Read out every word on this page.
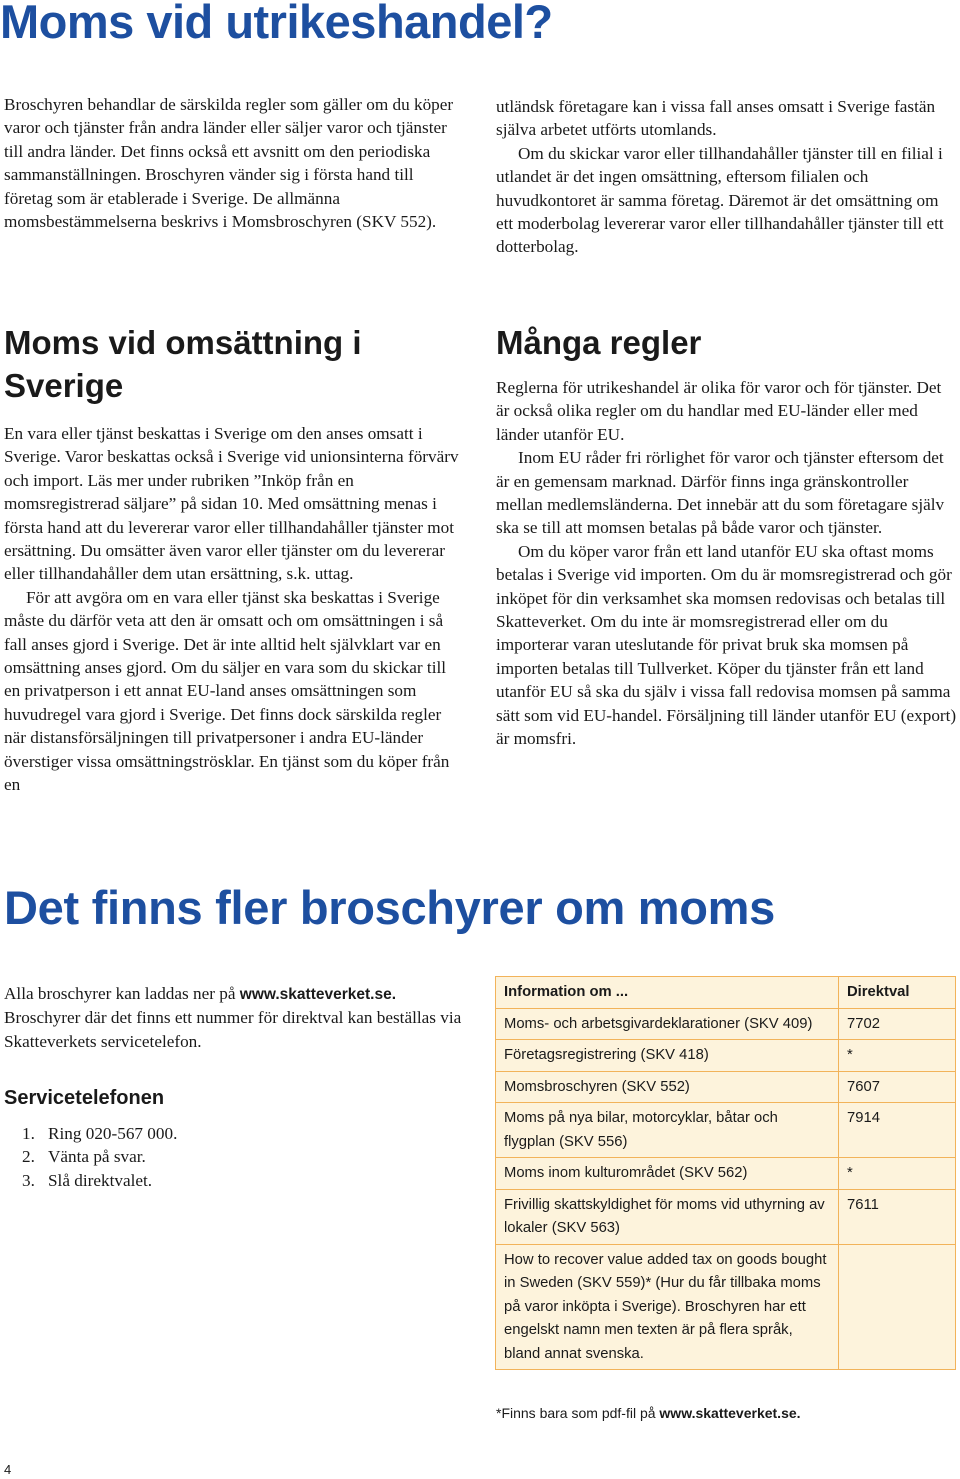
Moms vid utrikeshandel?

Broschyren behandlar de särskilda regler som gäller om du köper varor och tjänster från andra länder eller säljer varor och tjänster till andra länder. Det finns också ett avsnitt om den periodiska sammanställningen. Broschyren vänder sig i första hand till företag som är etablerade i Sverige. De allmänna momsbestämmelserna beskrivs i Momsbroschyren (SKV 552).

utländsk företagare kan i vissa fall anses omsatt i Sverige fastän själva arbetet utförts utomlands.

Om du skickar varor eller tillhandahåller tjänster till en filial i utlandet är det ingen omsättning, eftersom filialen och huvudkontoret är samma företag. Däremot är det omsättning om ett moderbolag levererar varor eller tillhandahåller tjänster till ett dotterbolag.

Moms vid omsättning i Sverige

En vara eller tjänst beskattas i Sverige om den anses omsatt i Sverige. Varor beskattas också i Sverige vid unionsinterna förvärv och import. Läs mer under rubriken ”Inköp från en momsregistrerad säljare” på sidan 10. Med omsättning menas i första hand att du levererar varor eller tillhandahåller tjänster mot ersättning. Du omsätter även varor eller tjänster om du levererar eller tillhandahåller dem utan ersättning, s.k. uttag.

För att avgöra om en vara eller tjänst ska beskattas i Sverige måste du därför veta att den är omsatt och om omsättningen i så fall anses gjord i Sverige. Det är inte alltid helt självklart var en omsättning anses gjord. Om du säljer en vara som du skickar till en privatperson i ett annat EU-land anses omsättningen som huvudregel vara gjord i Sverige. Det finns dock särskilda regler när distansförsäljningen till privatpersoner i andra EU-länder överstiger vissa omsättningströsklar. En tjänst som du köper från en

Många regler

Reglerna för utrikeshandel är olika för varor och för tjänster. Det är också olika regler om du handlar med EU-länder eller med länder utanför EU.

Inom EU råder fri rörlighet för varor och tjänster eftersom det är en gemensam marknad. Därför finns inga gränskontroller mellan medlemsländerna. Det innebär att du som företagare själv ska se till att momsen betalas på både varor och tjänster.

Om du köper varor från ett land utanför EU ska oftast moms betalas i Sverige vid importen. Om du är momsregistrerad och gör inköpet för din verksamhet ska momsen redovisas och betalas till Skatteverket. Om du inte är momsregistrerad eller om du importerar varan uteslutande för privat bruk ska momsen på importen betalas till Tullverket. Köper du tjänster från ett land utanför EU så ska du själv i vissa fall redovisa momsen på samma sätt som vid EU-handel. Försäljning till länder utanför EU (export) är momsfri.

Det finns fler broschyrer om moms
Alla broschyrer kan laddas ner på www.skatteverket.se. Broschyrer där det finns ett nummer för direktval kan beställas via Skatteverkets servicetelefon.
Servicetelefonen
1. Ring 020-567 000.
2. Vänta på svar.
3. Slå direktvalet.
Information om ...	Direktval
Moms- och arbetsgivardeklarationer (SKV 409)	7702
Företagsregistrering (SKV 418)	*
Momsbroschyren (SKV 552)	7607
Moms på nya bilar, motorcyklar, båtar och flygplan (SKV 556)	7914
Moms inom kulturområdet (SKV 562)	*
Frivillig skattskyldighet för moms vid uthyrning av lokaler (SKV 563)	7611
How to recover value added tax on goods bought in Sweden (SKV 559)* (Hur du får tillbaka moms på varor inköpta i Sverige). Broschyren har ett engelskt namn men texten är på flera språk, bland annat svenska.	
*Finns bara som pdf-fil på www.skatteverket.se.
4
